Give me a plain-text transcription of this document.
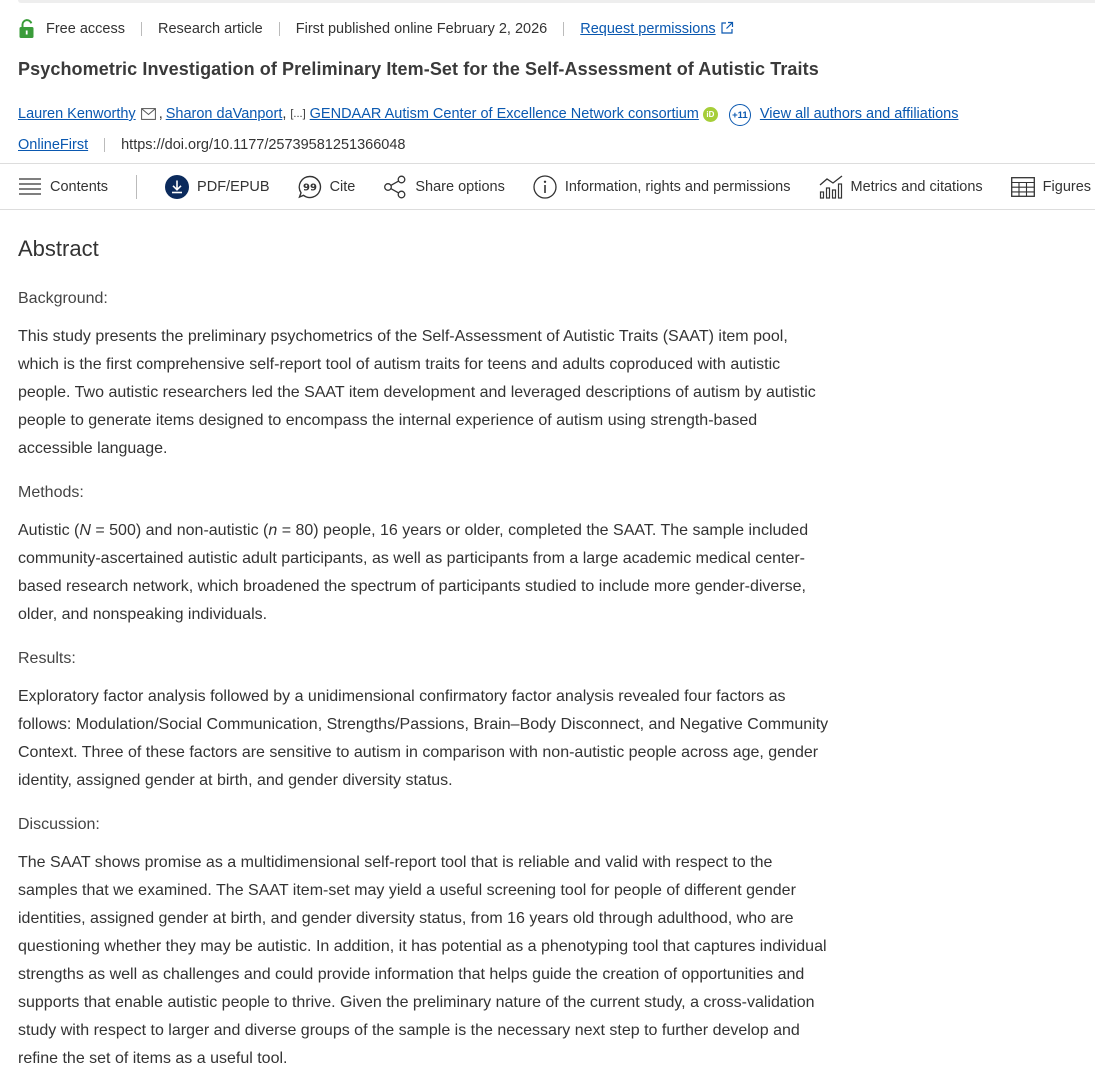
Free access Research article First published online February 2, 2026 Request permissions
Psychometric Investigation of Preliminary Item-Set for the Self-Assessment of Autistic Traits
Lauren Kenworthy , Sharon daVanport , [...] GENDAAR Autism Center of Excellence Network consortium iD	+11 View all authors and affiliations
OnlineFirst https://doi.org/10.1177/25739581251366048
Contents	PDF/EPUB	99 Cite	Share options	Information, rights and permissions	Metrics and citations	Figures
Abstract
Background:

This study presents the preliminary psychometrics of the Self-Assessment of Autistic Traits (SAAT) item pool, which is the first comprehensive self-report tool of autism traits for teens and adults coproduced with autistic people. Two autistic researchers led the SAAT item development and leveraged descriptions of autism by autistic people to generate items designed to encompass the internal experience of autism using strength-based accessible language.

Methods:

Autistic (N = 500) and non-autistic (n = 80) people, 16 years or older, completed the SAAT. The sample included community-ascertained autistic adult participants, as well as participants from a large academic medical center-based research network, which broadened the spectrum of participants studied to include more gender-diverse, older, and nonspeaking individuals.

Results:

Exploratory factor analysis followed by a unidimensional confirmatory factor analysis revealed four factors as follows: Modulation/Social Communication, Strengths/Passions, Brain–Body Disconnect, and Negative Community Context. Three of these factors are sensitive to autism in comparison with non-autistic people across age, gender identity, assigned gender at birth, and gender diversity status.

Discussion:

The SAAT shows promise as a multidimensional self-report tool that is reliable and valid with respect to the samples that we examined. The SAAT item-set may yield a useful screening tool for people of different gender identities, assigned gender at birth, and gender diversity status, from 16 years old through adulthood, who are questioning whether they may be autistic. In addition, it has potential as a phenotyping tool that captures individual strengths as well as challenges and could provide information that helps guide the creation of opportunities and supports that enable autistic people to thrive. Given the preliminary nature of the current study, a cross-validation study with respect to larger and diverse groups of the sample is the necessary next step to further develop and refine the set of items as a useful tool.
